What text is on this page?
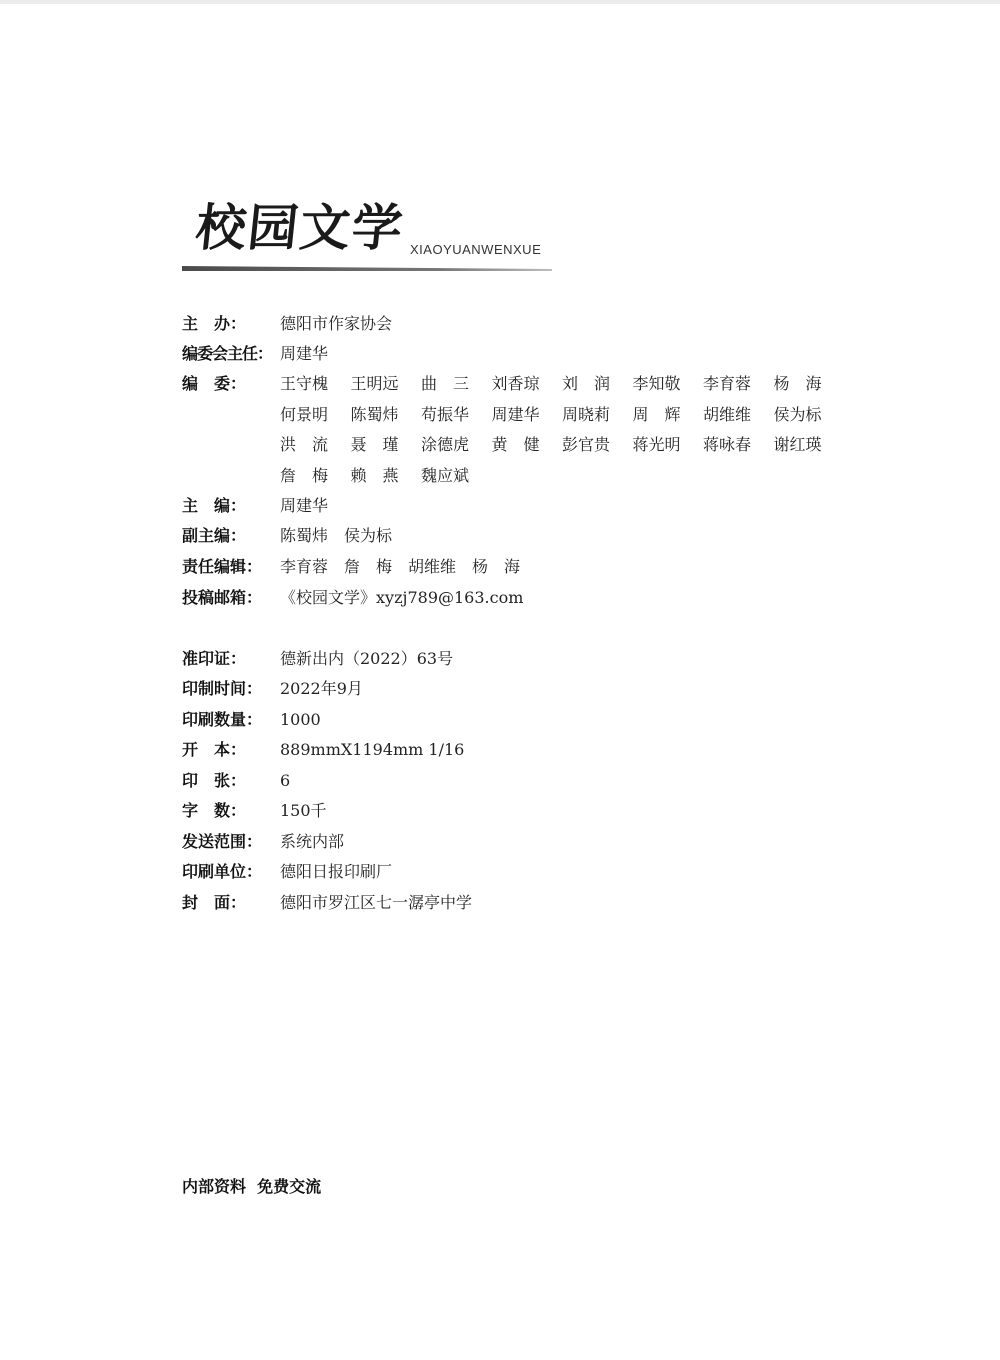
校园文学 XIAOYUANWENXUE
主　办：	德阳市作家协会
编委会主任： 周建华
编　委：	王守槐 王明远 曲　三 刘香琼 刘　润 李知敬 李育蓉 杨　海
何景明 陈蜀炜 苟振华 周建华 周晓莉 周　辉 胡维维 侯为标
洪　流 聂　瑾 涂德虎 黄　健 彭官贵 蒋光明 蒋咏春 谢红瑛
詹　梅 赖　燕 魏应斌
主　编：	周建华
副主编：	陈蜀炜　侯为标
责任编辑：	李育蓉　詹　梅　胡维维　杨　海
投稿邮箱：	《校园文学》xyzj789@163.com
准印证：	德新出内（2022）63号
印制时间：	2022年9月
印刷数量：	1000
开　本：	889mmX1194mm 1/16
印　张：	6
字　数：	150千
发送范围：	系统内部
印刷单位：	德阳日报印刷厂
封　面：	德阳市罗江区七一潺亭中学
内部资料  免费交流
